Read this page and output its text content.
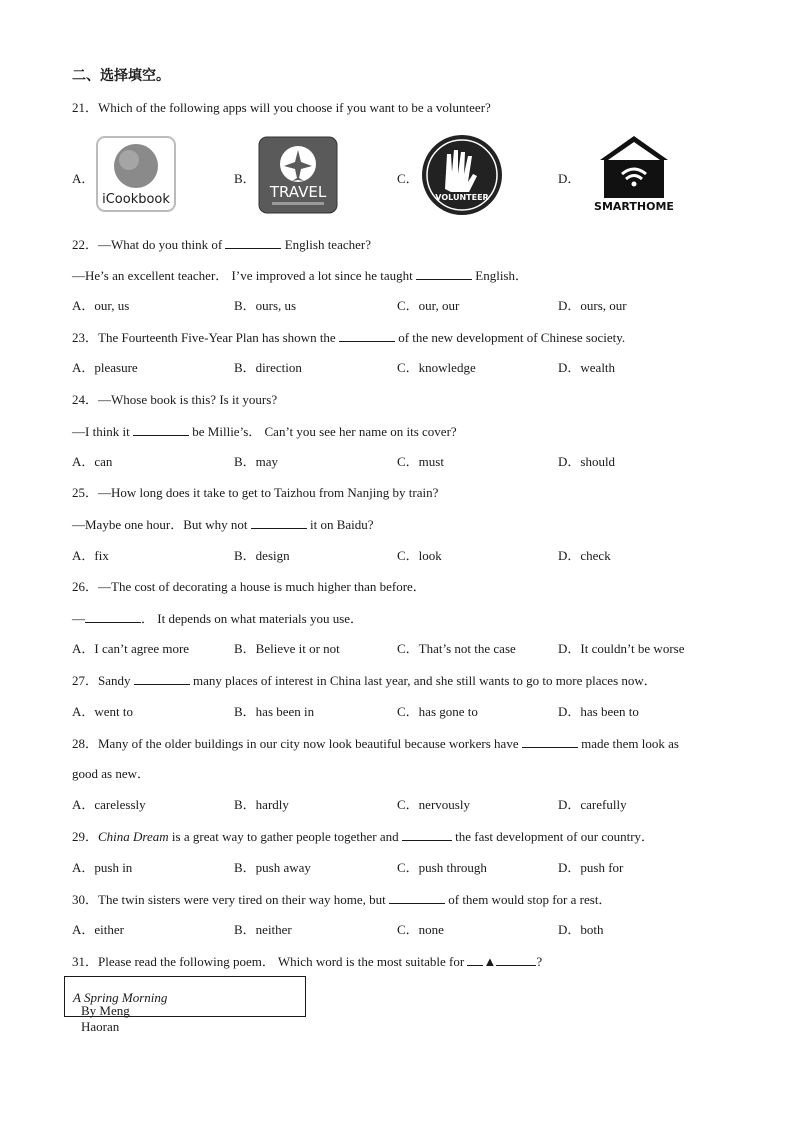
二、选择填空。
21．Which of the following apps will you choose if you want to be a volunteer?
A．
iCookbook
B．
TRAVEL
C．
VOLUNTEER
D．
SMARTHOME
22．—What do you think of	English teacher?
—He’s an excellent teacher． I’ve improved a lot since he taught	English．
A．our, us	B．ours, us	C．our, our	D．ours, our
23．The Fourteenth Five-Year Plan has shown the	of the new development of Chinese society.
A．pleasure	B．direction	C．knowledge	D．wealth
24．—Whose book is this? Is it yours?
—I think it	be Millie’s． Can’t you see her name on its cover?
A．can	B．may	C．must	D．should
25．—How long does it take to get to Taizhou from Nanjing by train?
—Maybe one hour．But why not	it on Baidu?
A．fix	B．design	C．look	D．check
26．—The cost of decorating a house is much higher than before．
—	． It depends on what materials you use．
A．I can’t agree more	B．Believe it or not	C．That’s not the case	D．It couldn’t be worse
27．Sandy	many places of interest in China last year, and she still wants to go to more places now．
A．went to	B．has been in	C．has gone to	D．has been to
28．Many of the older buildings in our city now look beautiful because workers have	made them look as
good as new．
A．carelessly	B．hardly	C．nervously	D．carefully
29．China Dream is a great way to gather people together and	the fast development of our country．
A．push in	B．push away	C．push through	D．push for
30．The twin sisters were very tired on their way home, but	of them would stop for a rest．
A．either	B．neither	C．none	D．both
31．Please read the following poem． Which word is the most suitable for ▲	?
A Spring Morning
By Meng Haoran
